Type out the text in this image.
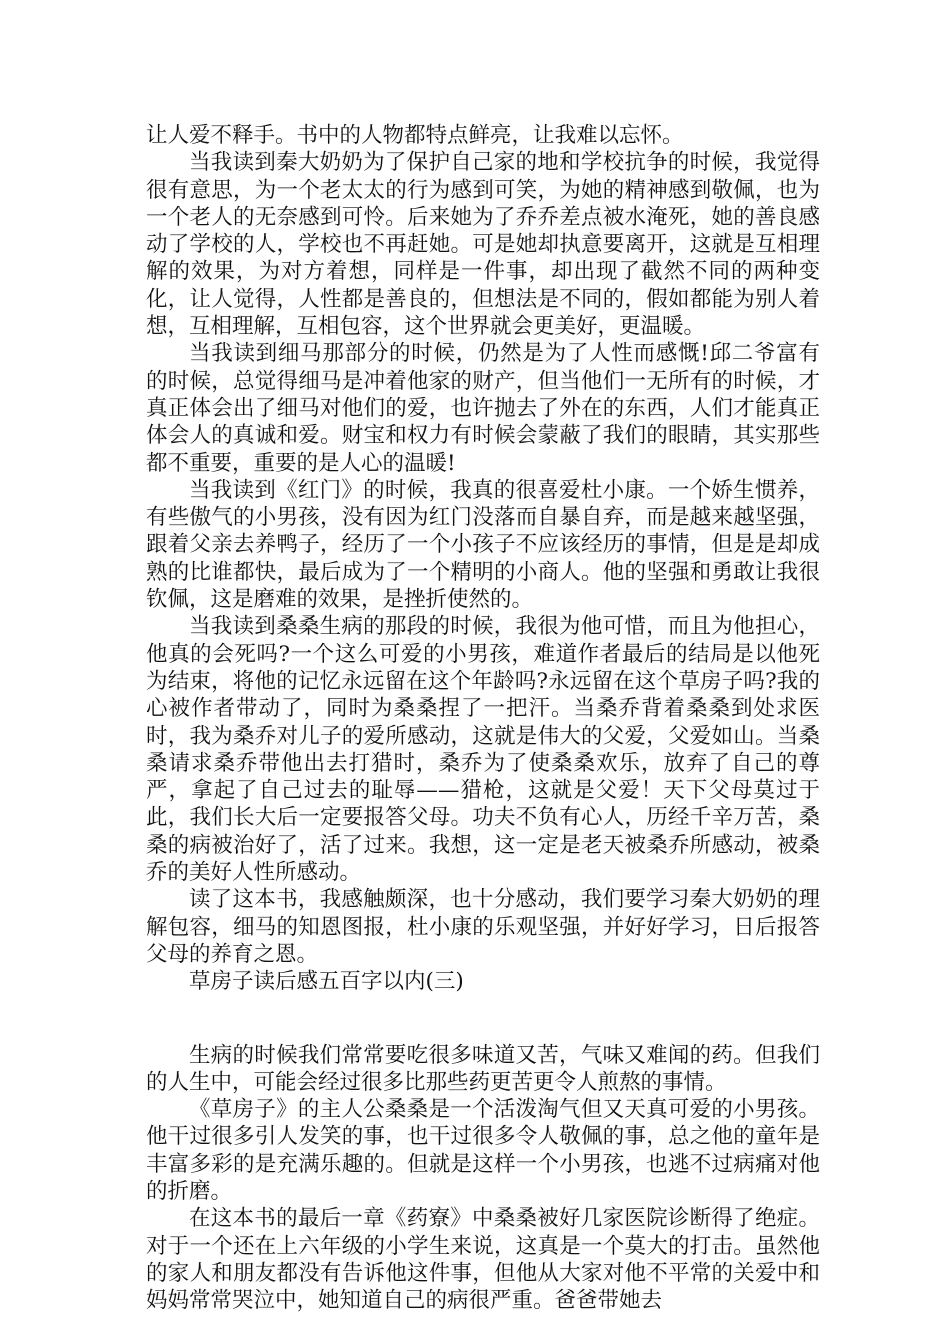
让人爱不释手。书中的人物都特点鲜亮，让我难以忘怀。

当我读到秦大奶奶为了保护自己家的地和学校抗争的时候，我觉得很有意思，为一个老太太的行为感到可笑，为她的精神感到敬佩，也为一个老人的无奈感到可怜。后来她为了乔乔差点被水淹死，她的善良感动了学校的人，学校也不再赶她。可是她却执意要离开，这就是互相理解的效果，为对方着想，同样是一件事，却出现了截然不同的两种变化，让人觉得，人性都是善良的，但想法是不同的，假如都能为别人着想，互相理解，互相包容，这个世界就会更美好，更温暖。

当我读到细马那部分的时候，仍然是为了人性而感慨!邱二爷富有的时候，总觉得细马是冲着他家的财产，但当他们一无所有的时候，才真正体会出了细马对他们的爱，也许抛去了外在的东西，人们才能真正体会人的真诚和爱。财宝和权力有时候会蒙蔽了我们的眼睛，其实那些都不重要，重要的是人心的温暖!

当我读到《红门》的时候，我真的很喜爱杜小康。一个娇生惯养，有些傲气的小男孩，没有因为红门没落而自暴自弃，而是越来越坚强，跟着父亲去养鸭子，经历了一个小孩子不应该经历的事情，但是是却成熟的比谁都快，最后成为了一个精明的小商人。他的坚强和勇敢让我很钦佩，这是磨难的效果，是挫折使然的。

当我读到桑桑生病的那段的时候，我很为他可惜，而且为他担心，他真的会死吗?一个这么可爱的小男孩，难道作者最后的结局是以他死为结束，将他的记忆永远留在这个年龄吗?永远留在这个草房子吗?我的心被作者带动了，同时为桑桑捏了一把汗。当桑乔背着桑桑到处求医时，我为桑乔对儿子的爱所感动，这就是伟大的父爱，父爱如山。当桑桑请求桑乔带他出去打猎时，桑乔为了使桑桑欢乐，放弃了自己的尊严，拿起了自己过去的耻辱——猎枪，这就是父爱！天下父母莫过于此，我们长大后一定要报答父母。功夫不负有心人，历经千辛万苦，桑桑的病被治好了，活了过来。我想，这一定是老天被桑乔所感动，被桑乔的美好人性所感动。

读了这本书，我感触颇深，也十分感动，我们要学习秦大奶奶的理解包容，细马的知恩图报，杜小康的乐观坚强，并好好学习，日后报答父母的养育之恩。

草房子读后感五百字以内(三)

生病的时候我们常常要吃很多味道又苦，气味又难闻的药。但我们的人生中，可能会经过很多比那些药更苦更令人煎熬的事情。

《草房子》的主人公桑桑是一个活泼淘气但又天真可爱的小男孩。他干过很多引人发笑的事，也干过很多令人敬佩的事，总之他的童年是丰富多彩的是充满乐趣的。但就是这样一个小男孩，也逃不过病痛对他的折磨。

在这本书的最后一章《药寮》中桑桑被好几家医院诊断得了绝症。对于一个还在上六年级的小学生来说，这真是一个莫大的打击。虽然他的家人和朋友都没有告诉他这件事，但他从大家对他不平常的关爱中和妈妈常常哭泣中，她知道自己的病很严重。爸爸带她去
